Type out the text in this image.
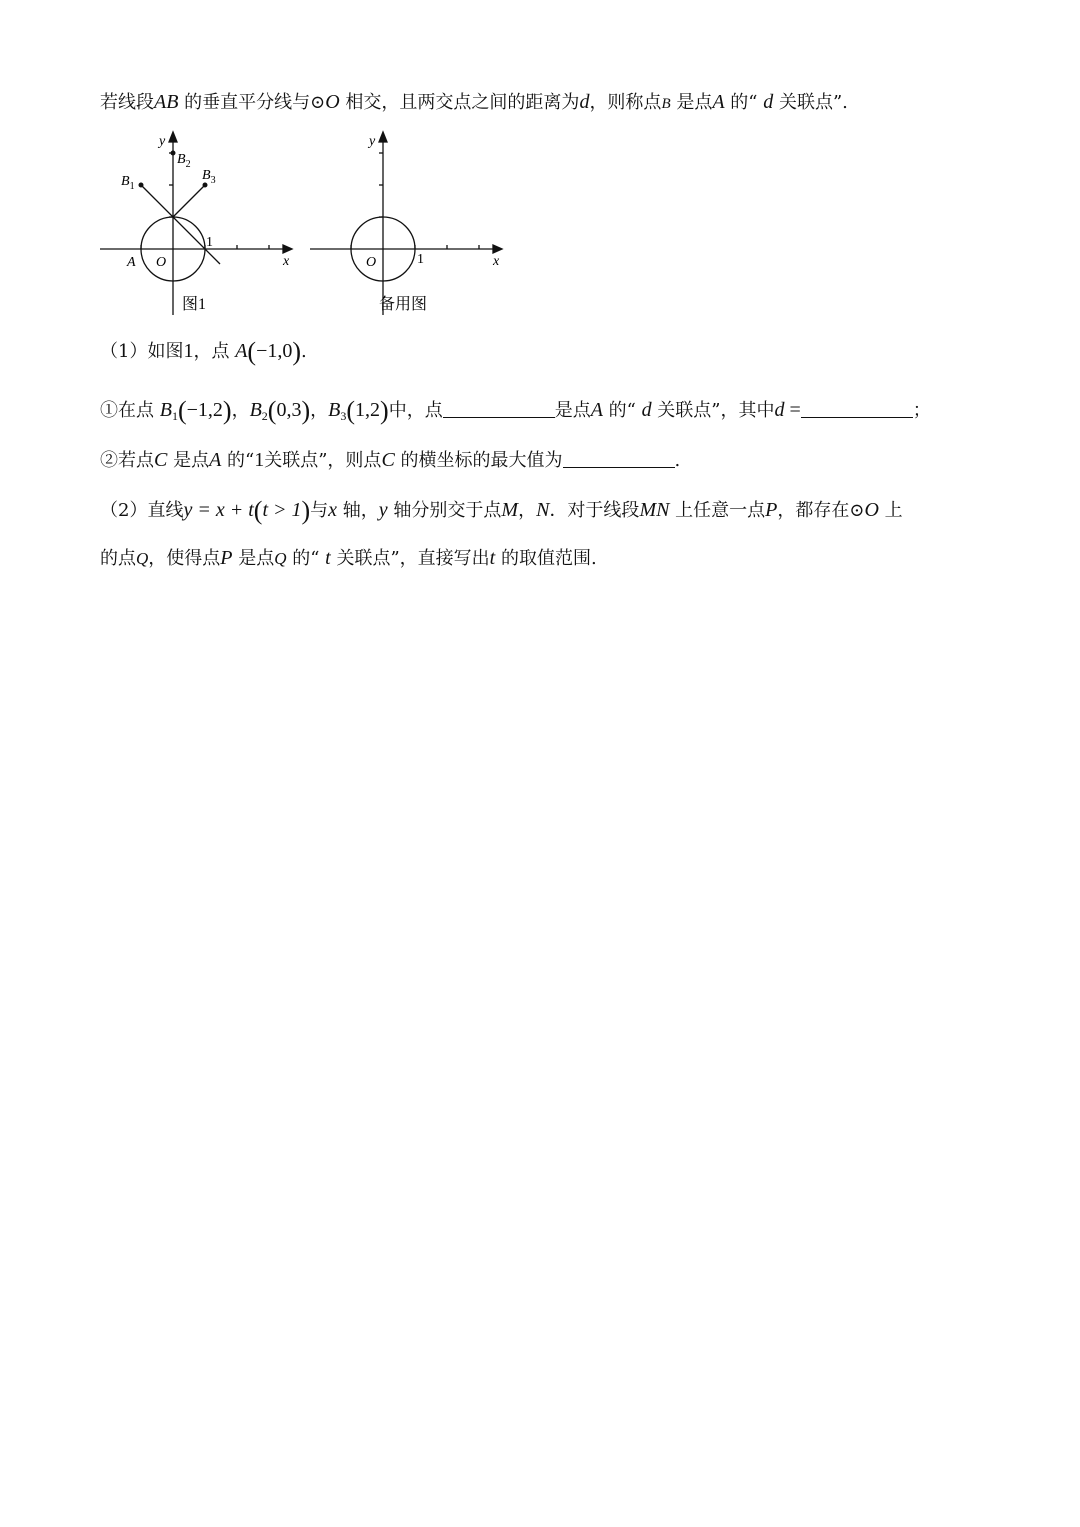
若线段AB 的垂直平分线与⊙O 相交，且两交点之间的距离为d，则称点B 是点A 的“ d 关联点”.
y
x
O
A
1
$B_1$
$B_2$
$B_3$
图1
y
x
O	1
备用图
（1）如图1，点 A(−1,0).
①在点 $B_1(-1,2)$，$B_2(0,3)$，$B_3(1,2)$中，点	是点A 的“ d 关联点”，其中d =	；
②若点C 是点A 的“1关联点”，则点C 的横坐标的最大值为	.
（2）直线y = x + t(t > 1)与x 轴，y 轴分别交于点M，N．对于线段MN 上任意一点P，都存在⊙O 上
的点Q，使得点P 是点Q 的“ t 关联点”，直接写出t 的取值范围.
